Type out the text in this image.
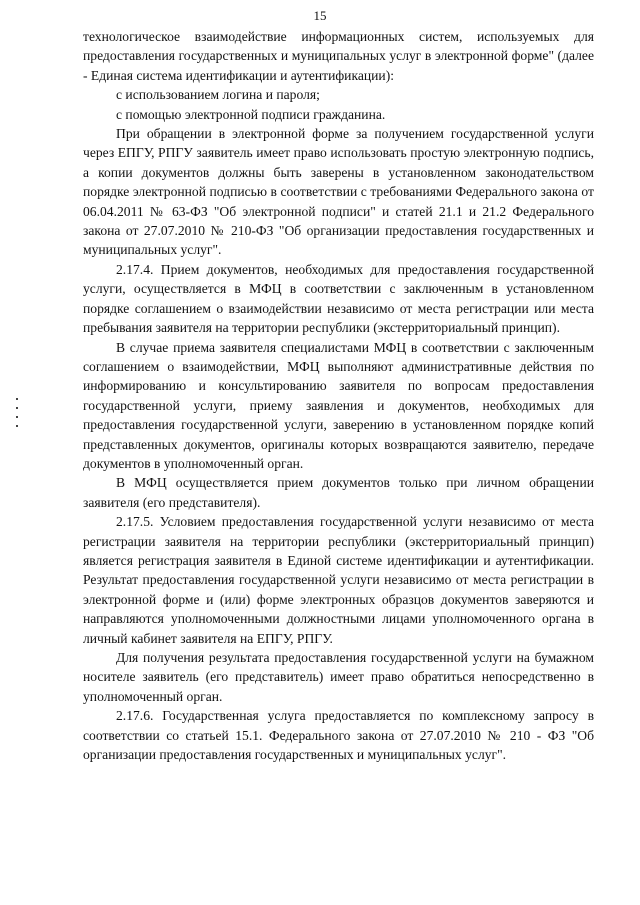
15

технологическое взаимодействие информационных систем, используемых для предоставления государственных и муниципальных услуг в электронной форме" (далее - Единая система идентификации и аутентификации):

с использованием логина и пароля;

с помощью электронной подписи гражданина.

При обращении в электронной форме за получением государственной услуги через ЕПГУ, РПГУ заявитель имеет право использовать простую электронную подпись, а копии документов должны быть заверены в установленном законодательством порядке электронной подписью в соответствии с требованиями Федерального закона от 06.04.2011 № 63-ФЗ "Об электронной подписи" и статей 21.1 и 21.2 Федерального закона от 27.07.2010 № 210-ФЗ "Об организации предоставления государственных и муниципальных услуг".

2.17.4. Прием документов, необходимых для предоставления государственной услуги, осуществляется в МФЦ в соответствии с заключенным в установленном порядке соглашением о взаимодействии независимо от места регистрации или места пребывания заявителя на территории республики (экстерриториальный принцип).

В случае приема заявителя специалистами МФЦ в соответствии с заключенным соглашением о взаимодействии, МФЦ выполняют административные действия по информированию и консультированию заявителя по вопросам предоставления государственной услуги, приему заявления и документов, необходимых для предоставления государственной услуги, заверению в установленном порядке копий представленных документов, оригиналы которых возвращаются заявителю, передаче документов в уполномоченный орган.

В МФЦ осуществляется прием документов только при личном обращении заявителя (его представителя).

2.17.5. Условием предоставления государственной услуги независимо от места регистрации заявителя на территории республики (экстерриториальный принцип) является регистрация заявителя в Единой системе идентификации и аутентификации. Результат предоставления государственной услуги независимо от места регистрации в электронной форме и (или) форме электронных образцов документов заверяются и направляются уполномоченными должностными лицами уполномоченного органа в личный кабинет заявителя на ЕПГУ, РПГУ.

Для получения результата предоставления государственной услуги на бумажном носителе заявитель (его представитель) имеет право обратиться непосредственно в уполномоченный орган.

2.17.6. Государственная услуга предоставляется по комплексному запросу в соответствии со статьей 15.1. Федерального закона от 27.07.2010 № 210 - ФЗ "Об организации предоставления государственных и муниципальных услуг".
